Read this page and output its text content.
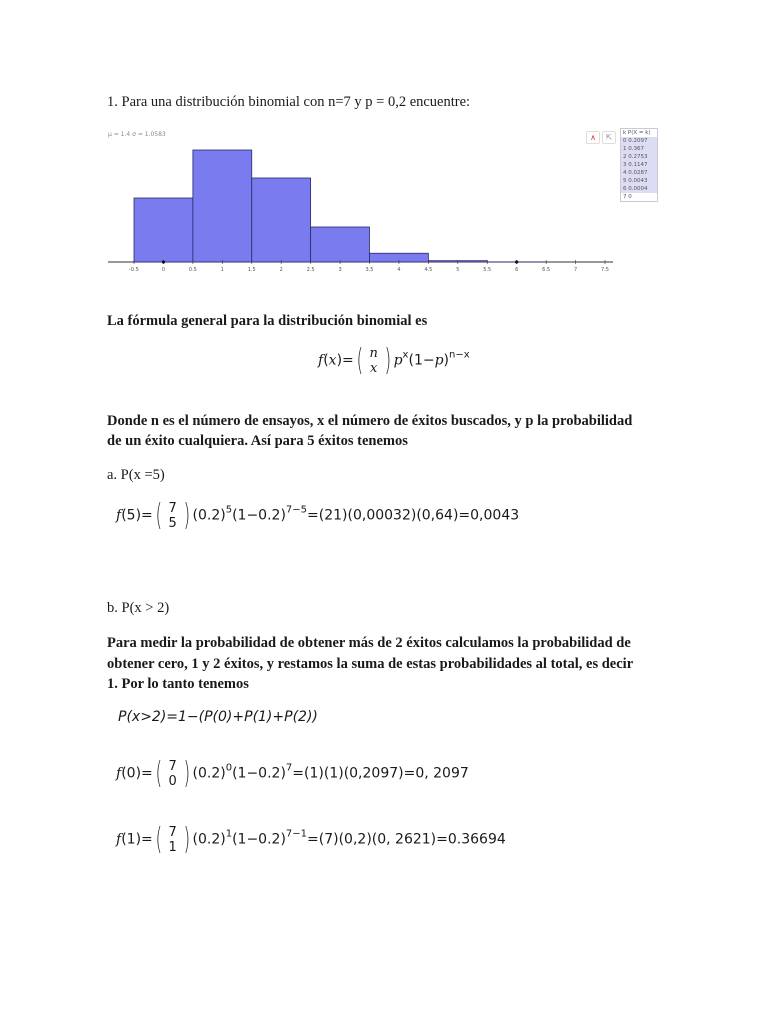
1. Para una distribución binomial con n=7 y p = 0,2 encuentre:
-0.5	0	0.5	1	1.5	2	2.5	3	3.5	4	4.5	5	5.5	6	6.5	7	7.5
μ = 1.4 σ = 1.0583	∧	⇱	k P(X = k)
0 0.2097
1 0.367
2 0.2753
3 0.1147
4 0.0287
5 0.0043
6 0.0004
7 0
La fórmula general para la distribución binomial es
f(x)=( n
x ) $p^x(1-p)^{n-x}$
Donde n es el número de ensayos, x el número de éxitos buscados, y p la probabilidad
de un éxito cualquiera. Así para 5 éxitos tenemos
a. P(x =5)
f(5)=( 7
5 ) $(0.2)^5(1-0.2)^{7-5}=(21)(0,00032)(0,64)=0,0043$
b. P(x > 2)
Para medir la probabilidad de obtener más de 2 éxitos calculamos la probabilidad de
obtener cero, 1 y 2 éxitos, y restamos la suma de estas probabilidades al total, es decir
1. Por lo tanto tenemos
P(x>2)=1−(P(0)+P(1)+P(2))
f(0)=( 7
0 ) $(0.2)^0(1-0.2)^7=(1)(1)(0,2097)=0$, 2097
f(1)=( 7
1 ) $(0.2)^1(1-0.2)^{7-1}=(7)(0,2)(0$, 2621)=0.36694
